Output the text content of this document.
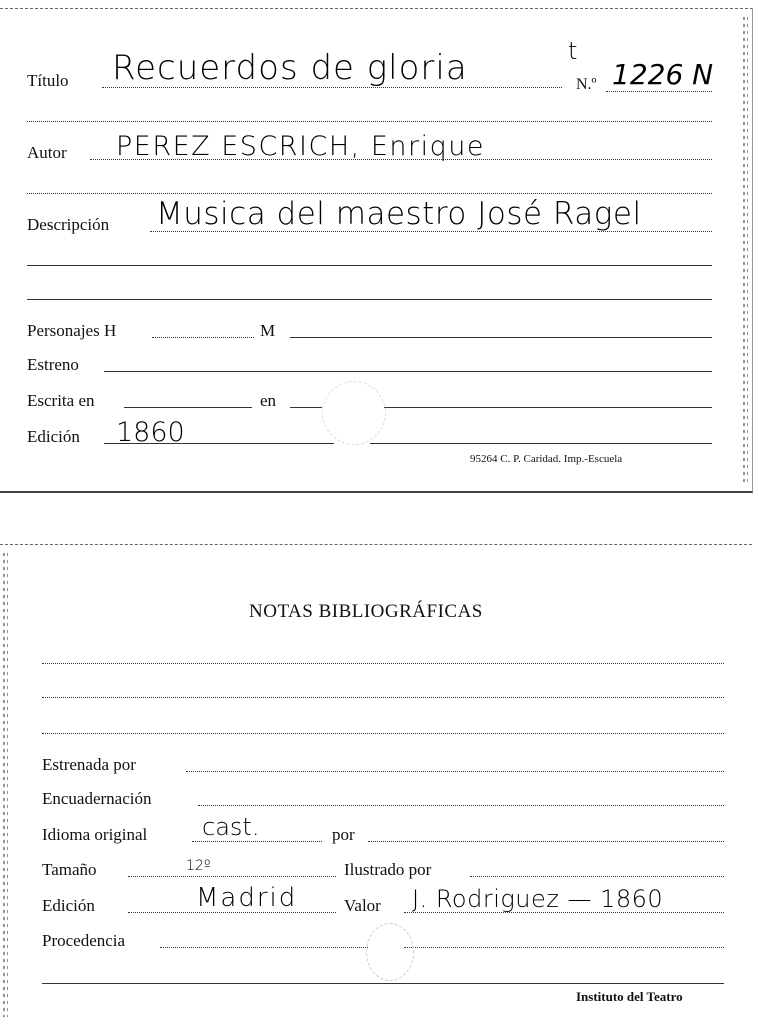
Título Recuerdos de gloria	t
N.º 1226 N
Autor PEREZ ESCRICH, Enrique
Descripción Musica del maestro José Ragel
Personajes H	M
Estreno
Escrita en	en
Edición 1860
95264 C. P. Caridad. Imp.-Escuela
NOTAS BIBLIOGRÁFICAS
Estrenada por
Encuadernación
Idioma original cast.	por
Tamaño	12º	Ilustrado por
Edición	Madrid	Valor J. Rodriguez — 1860
Procedencia
Instituto del Teatro
